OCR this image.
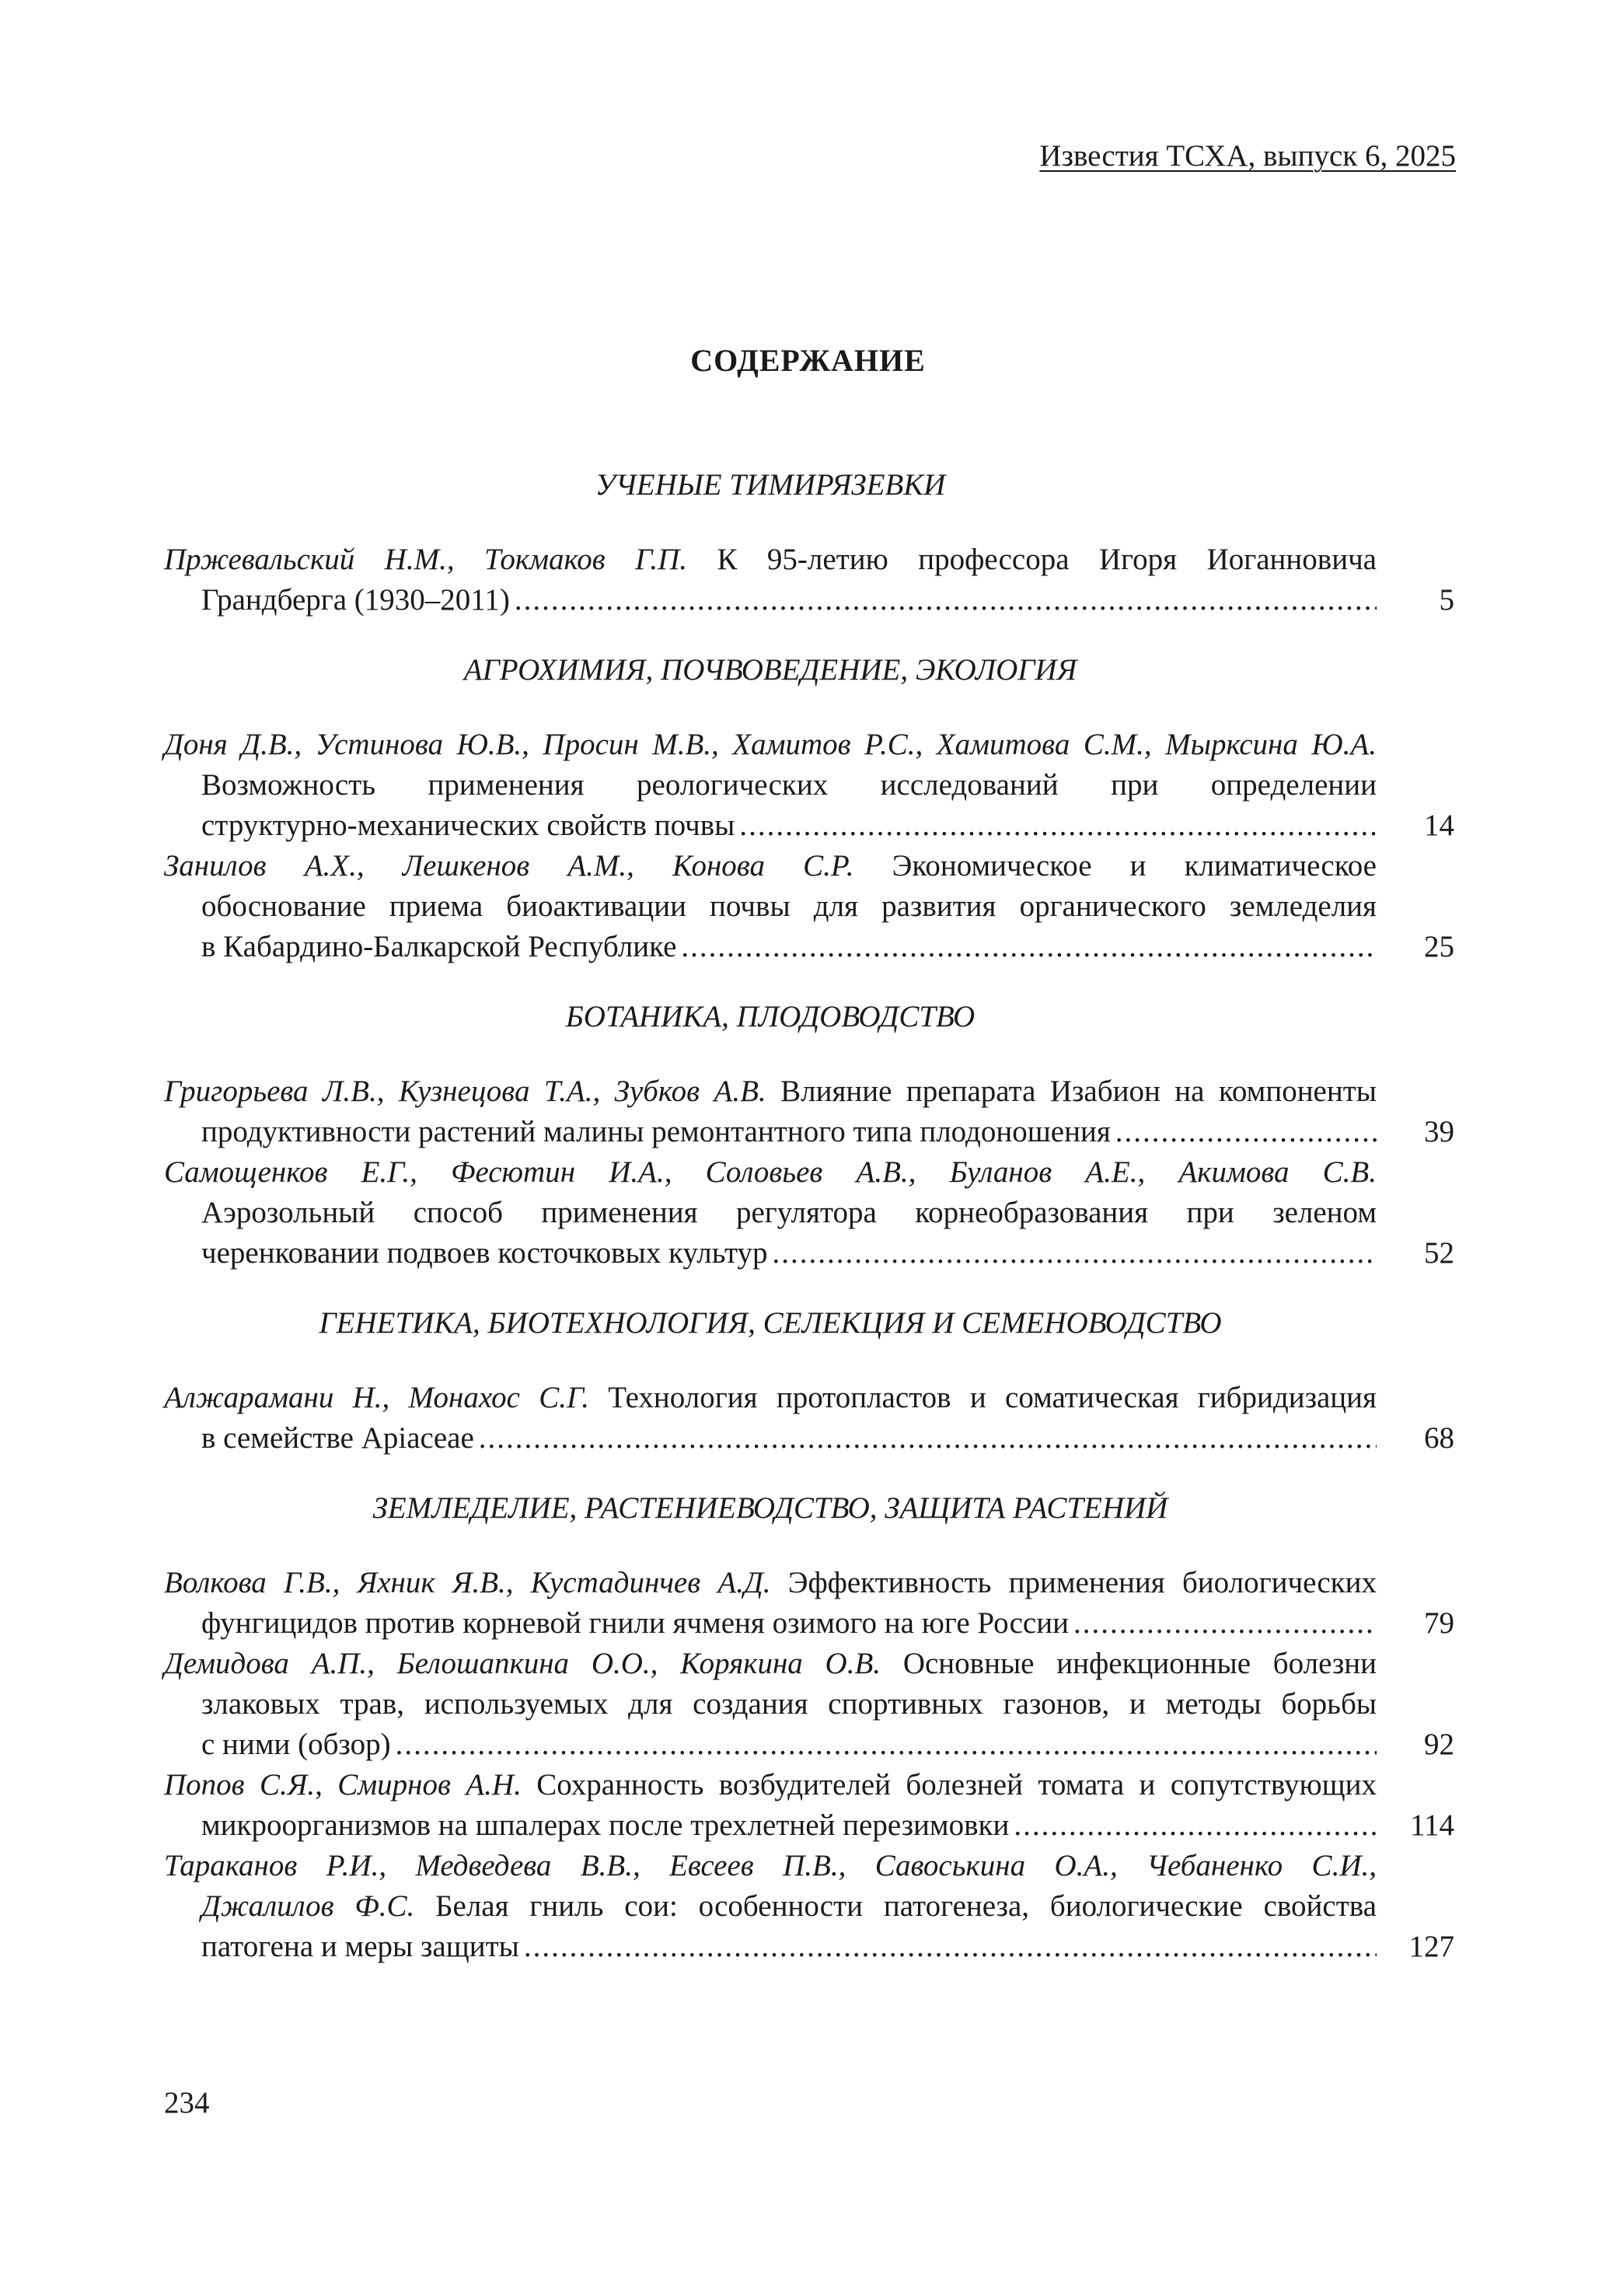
Известия ТСХА, выпуск 6, 2025
СОДЕРЖАНИЕ
УЧЕНЫЕ ТИМИРЯЗЕВКИ
Пржевальский Н.М., Токмаков Г.П. К 95-летию профессора Игоря Иоганновича
Грандберга (1930–2011) .....	5
АГРОХИМИЯ, ПОЧВОВЕДЕНИЕ, ЭКОЛОГИЯ
Доня Д.В., Устинова Ю.В., Просин М.В., Хамитов Р.С., Хамитова С.М., Мырксина Ю.А.
Возможность применения реологических исследований при определении
структурно-механических свойств почвы .....	14
Занилов А.Х., Лешкенов А.М., Конова С.Р. Экономическое и климатическое
обоснование приема биоактивации почвы для развития органического земледелия
в Кабардино-Балкарской Республике .....	25
БОТАНИКА, ПЛОДОВОДСТВО
Григорьева Л.В., Кузнецова Т.А., Зубков А.В. Влияние препарата Изабион на компоненты
продуктивности растений малины ремонтантного типа плодоношения .....	39
Самощенков Е.Г., Фесютин И.А., Соловьев А.В., Буланов А.Е., Акимова С.В.
Аэрозольный способ применения регулятора корнеобразования при зеленом
черенковании подвоев косточковых культур .....	52
ГЕНЕТИКА, БИОТЕХНОЛОГИЯ, СЕЛЕКЦИЯ И СЕМЕНОВОДСТВО
Алжарамани Н., Монахос С.Г. Технология протопластов и соматическая гибридизация
в семействе Apiaceae .....	68
ЗЕМЛЕДЕЛИЕ, РАСТЕНИЕВОДСТВО, ЗАЩИТА РАСТЕНИЙ
Волкова Г.В., Яхник Я.В., Кустадинчев А.Д. Эффективность применения биологических
фунгицидов против корневой гнили ячменя озимого на юге России .....	79
Демидова А.П., Белошапкина О.О., Корякина О.В. Основные инфекционные болезни
злаковых трав, используемых для создания спортивных газонов, и методы борьбы
с ними (обзор) .....	92
Попов С.Я., Смирнов А.Н. Сохранность возбудителей болезней томата и сопутствующих
микроорганизмов на шпалерах после трехлетней перезимовки .....	114
Тараканов Р.И., Медведева В.В., Евсеев П.В., Савоськина О.А., Чебаненко С.И.,
Джалилов Ф.С. Белая гниль сои: особенности патогенеза, биологические свойства
патогена и меры защиты .....	127
234
